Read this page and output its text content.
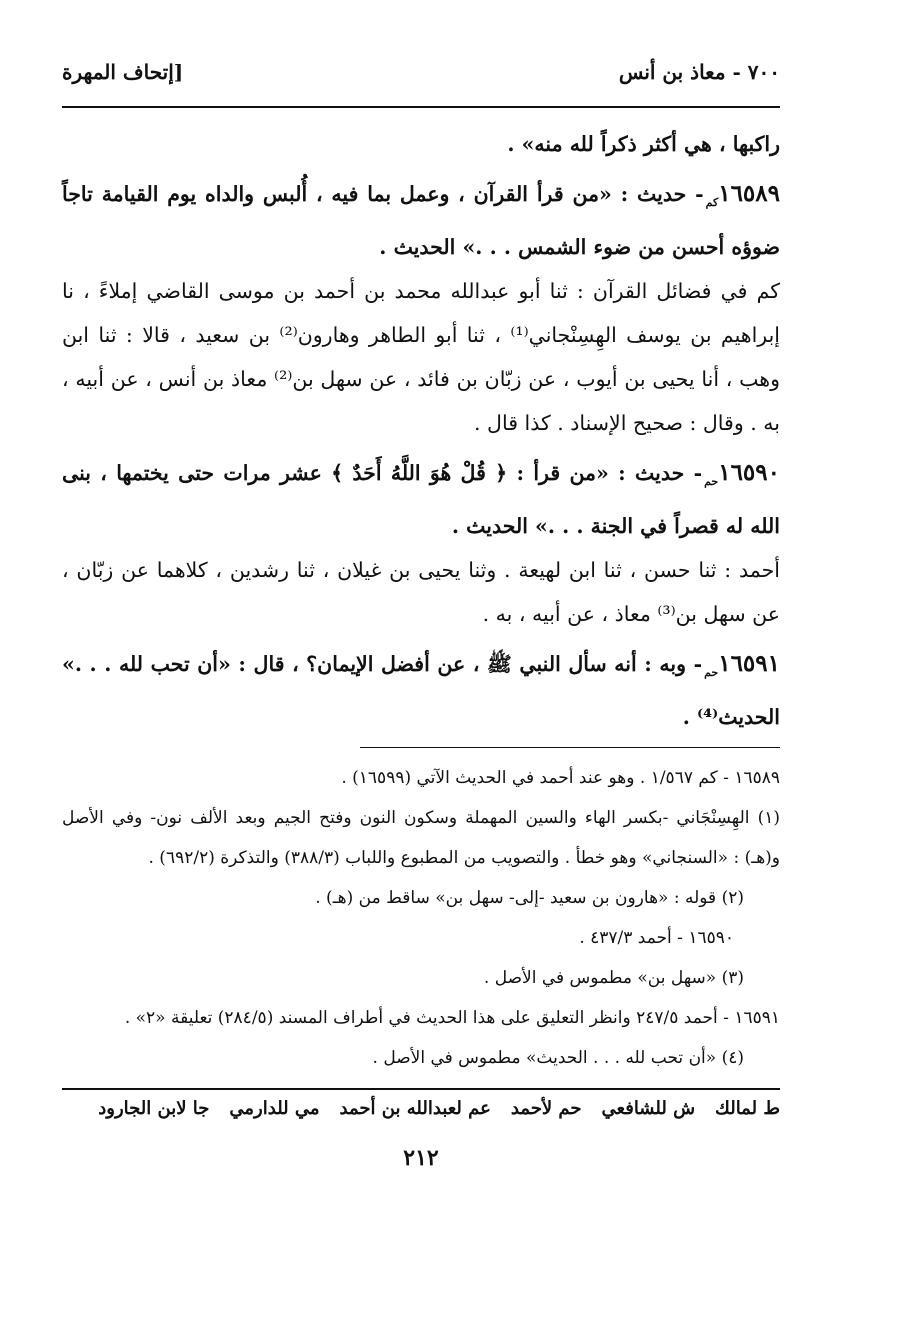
٧٠٠ - معاذ بن أنس
[إتحاف المهرة

راكبها ، هي أكثر ذكراً لله منه» .

$١٦٥٨٩_{كم}-$ حديث : «من قرأ القرآن ، وعمل بما فيه ، أُلبس والداه يوم القيامة تاجاً ضوؤه أحسن من ضوء الشمس . . .» الحديث .

كم في فضائل القرآن : ثنا أبو عبدالله محمد بن أحمد بن موسى القاضي إملاءً ، نا إبراهيم بن يوسف الهِسِنْجاني⁽¹⁾ ، ثنا أبو الطاهر وهارون⁽²⁾ بن سعيد ، قالا : ثنا ابن وهب ، أنا يحيى بن أيوب ، عن زبّان بن فائد ، عن سهل بن⁽²⁾ معاذ بن أنس ، عن أبيه ، به . وقال : صحيح الإسناد . كذا قال .

$١٦٥٩٠_{حم}-$ حديث : «من قرأ : ﴿ قُلْ هُوَ اللَّهُ أَحَدٌ ﴾ عشر مرات حتى يختمها ، بنى الله له قصراً في الجنة . . .» الحديث .

أحمد : ثنا حسن ، ثنا ابن لهيعة . وثنا يحيى بن غيلان ، ثنا رشدين ، كلاهما عن زبّان ، عن سهل بن⁽³⁾ معاذ ، عن أبيه ، به .

$١٦٥٩١_{حم}-$ وبه : أنه سأل النبي ﷺ ، عن أفضل الإيمان؟ ، قال : «أن تحب لله . . .» الحديث⁽⁴⁾ .

١٦٥٨٩ - كم ١/٥٦٧ . وهو عند أحمد في الحديث الآتي (١٦٥٩٩) .

(١) الهِسِنْجَاني -بكسر الهاء والسين المهملة وسكون النون وفتح الجيم وبعد الألف نون- وفي الأصل و(هـ) : «السنجاني» وهو خطأ . والتصويب من المطبوع واللباب (٣٨٨/٣) والتذكرة (٦٩٢/٢) .

(٢) قوله : «هارون بن سعيد -إلى- سهل بن» ساقط من (هـ) .

١٦٥٩٠ - أحمد ٤٣٧/٣ .

(٣) «سهل بن» مطموس في الأصل .

١٦٥٩١ - أحمد ٢٤٧/٥ وانظر التعليق على هذا الحديث في أطراف المسند (٢٨٤/٥) تعليقة «٢» .

(٤) «أن تحب لله . . . الحديث» مطموس في الأصل .

ط لمالك
ش للشافعي
حم لأحمد
عم لعبدالله بن أحمد
مي للدارمي
جا لابن الجارود
٢١٢
